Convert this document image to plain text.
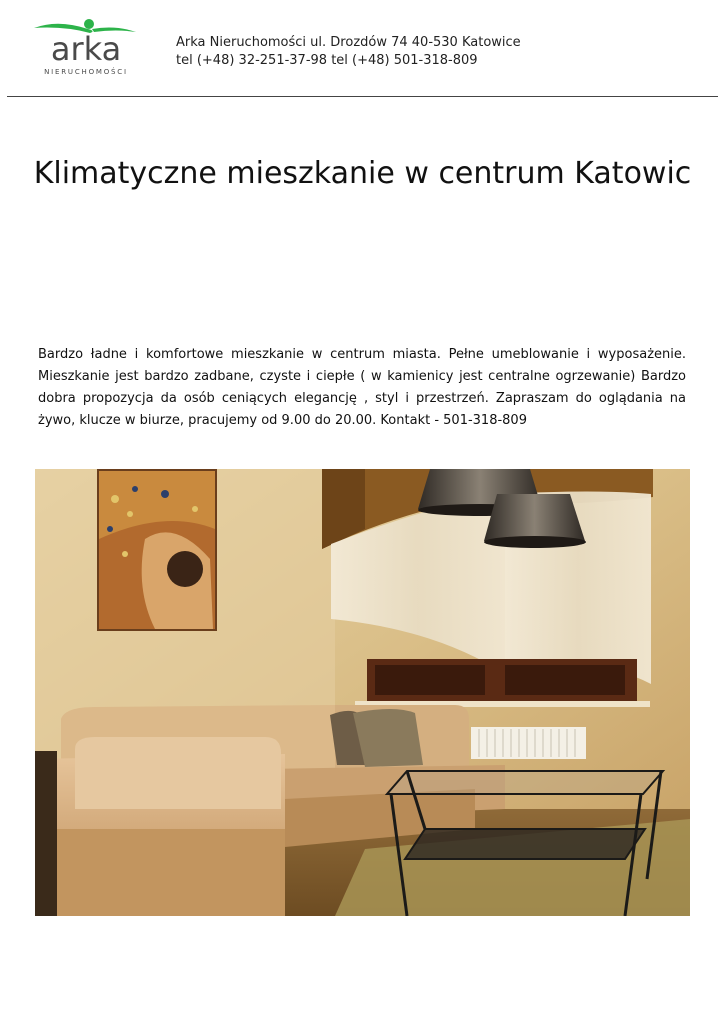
arka
NIERUCHOMOŚCI
Arka Nieruchomości ul. Drozdów 74 40-530 Katowice
tel (+48) 32-251-37-98 tel (+48) 501-318-809
Klimatyczne mieszkanie w centrum Katowic

Bardzo ładne i komfortowe mieszkanie w centrum miasta. Pełne umeblowanie i wyposażenie. Mieszkanie jest bardzo zadbane, czyste i ciepłe ( w kamienicy jest centralne ogrzewanie) Bardzo dobra propozycja da osób ceniących elegancję , styl i przestrzeń. Zapraszam do oglądania na żywo, klucze w biurze, pracujemy od 9.00 do 20.00. Kontakt - 501-318-809
